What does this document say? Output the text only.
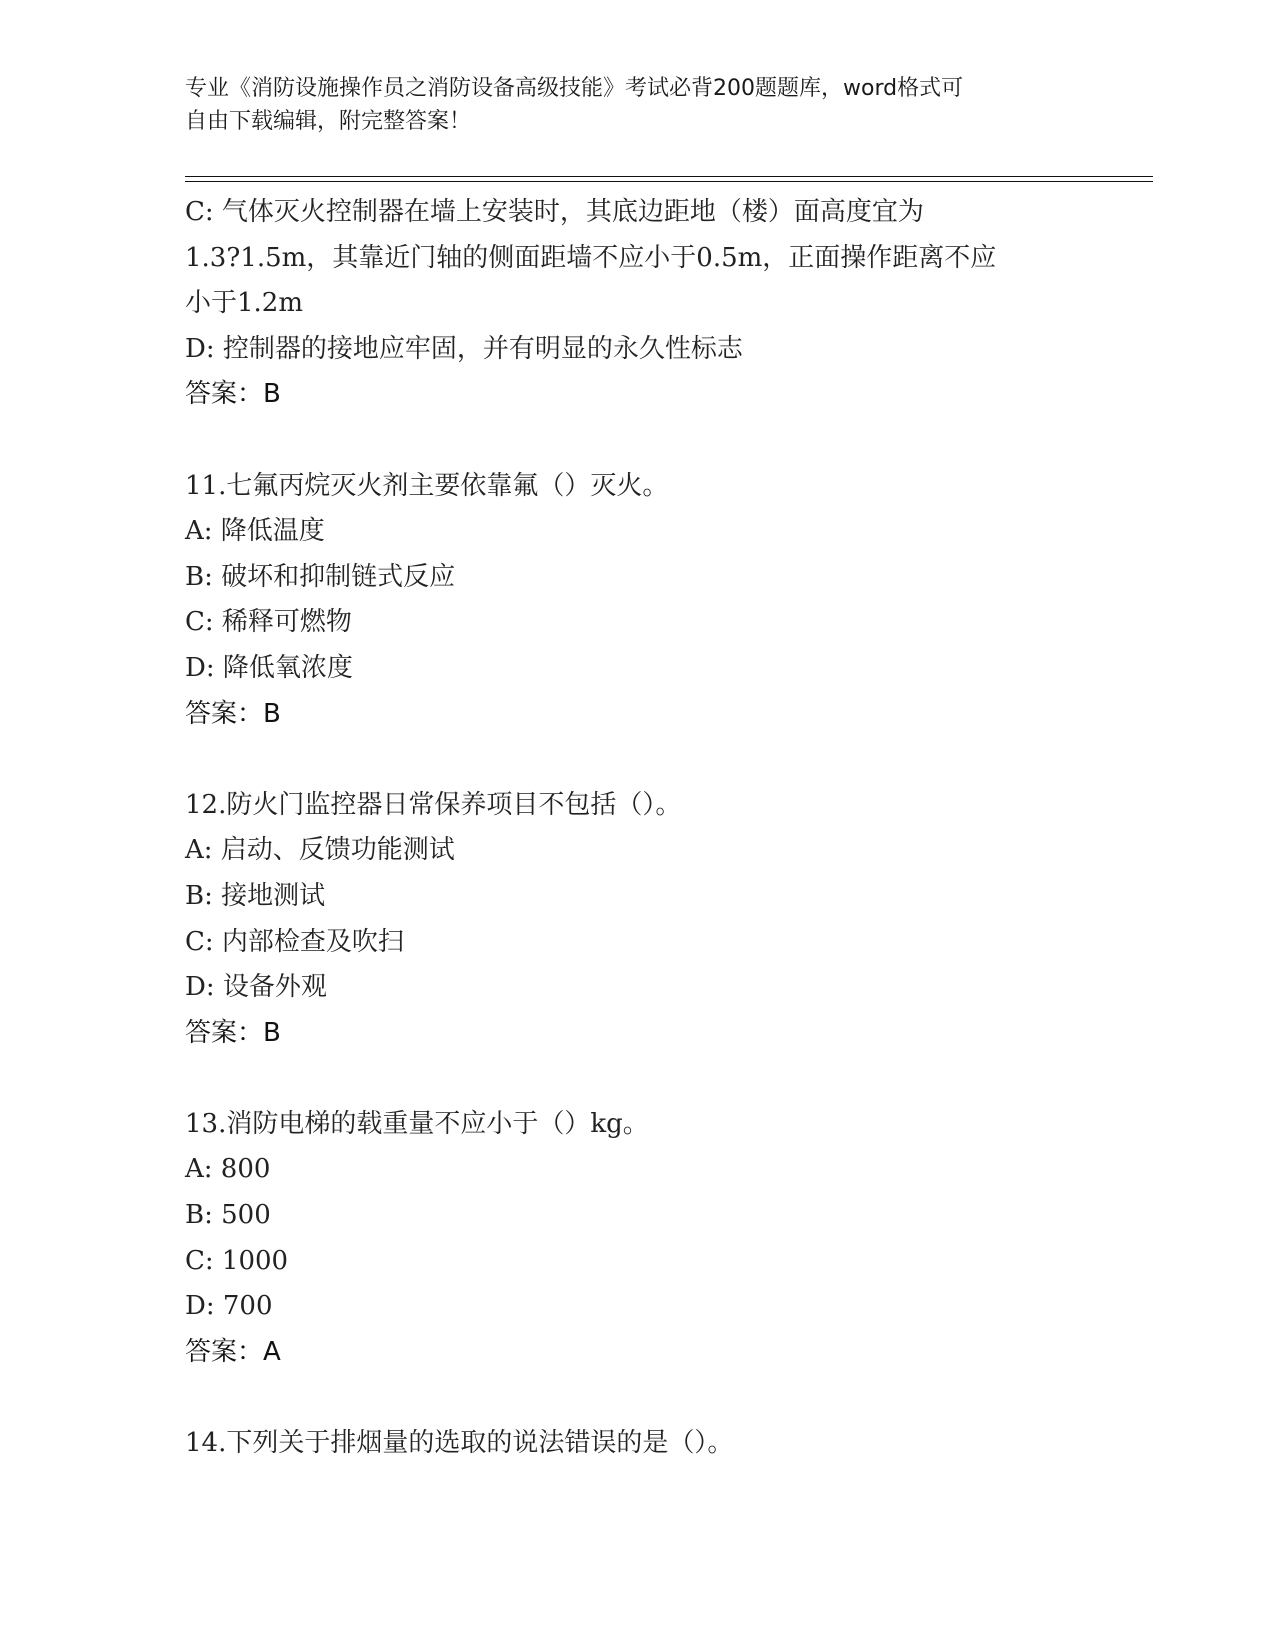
专业《消防设施操作员之消防设备高级技能》考试必背200题题库，word格式可
自由下载编辑，附完整答案！
C: 气体灭火控制器在墙上安装时，其底边距地（楼）面高度宜为
1.3?1.5m，其靠近门轴的侧面距墙不应小于0.5m，正面操作距离不应
小于1.2m
D: 控制器的接地应牢固，并有明显的永久性标志
答案：B
11.七氟丙烷灭火剂主要依靠氟（）灭火。
A: 降低温度
B: 破坏和抑制链式反应
C: 稀释可燃物
D: 降低氧浓度
答案：B
12.防火门监控器日常保养项目不包括（）。
A: 启动、反馈功能测试
B: 接地测试
C: 内部检查及吹扫
D: 设备外观
答案：B
13.消防电梯的载重量不应小于（）kg。
A: 800
B: 500
C: 1000
D: 700
答案：A
14.下列关于排烟量的选取的说法错误的是（）。
